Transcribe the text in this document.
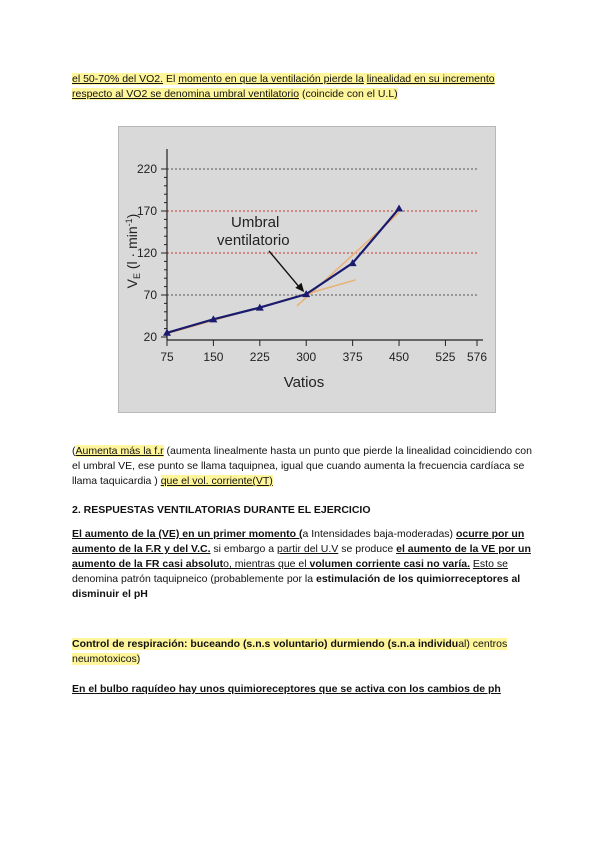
el 50-70% del VO2. El momento en que la ventilación pierde la linealidad en su incremento respecto al VO2 se denomina umbral ventilatorio (coincide con el U.L)
75 150 225 300 375 450 525 576
20
70
120
170
220
Umbral
ventilatorio
Vatios
$V_E$ $(l \cdot \min^{-1})$
(Aumenta más la f.r (aumenta linealmente hasta un punto que pierde la linealidad coincidiendo con el umbral VE, ese punto se llama taquipnea, igual que cuando aumenta la frecuencia cardíaca se llama taquicardia ) que el vol. corriente(VT)
2. RESPUESTAS VENTILATORIAS DURANTE EL EJERCICIO
El aumento de la (VE) en un primer momento (a Intensidades baja-moderadas) ocurre por un aumento de la F.R y del V.C. si embargo a partir del U.V se produce el aumento de la VE por un aumento de la FR casi absoluto, mientras que el volumen corriente casi no varía. Esto se denomina patrón taquipneico (probablemente por la estimulación de los quimiorreceptores al disminuir el pH
Control de respiración: buceando (s.n.s voluntario) durmiendo (s.n.a individual) centros neumotoxicos)
En el bulbo raquídeo hay unos quimioreceptores que se activa con los cambios de ph
